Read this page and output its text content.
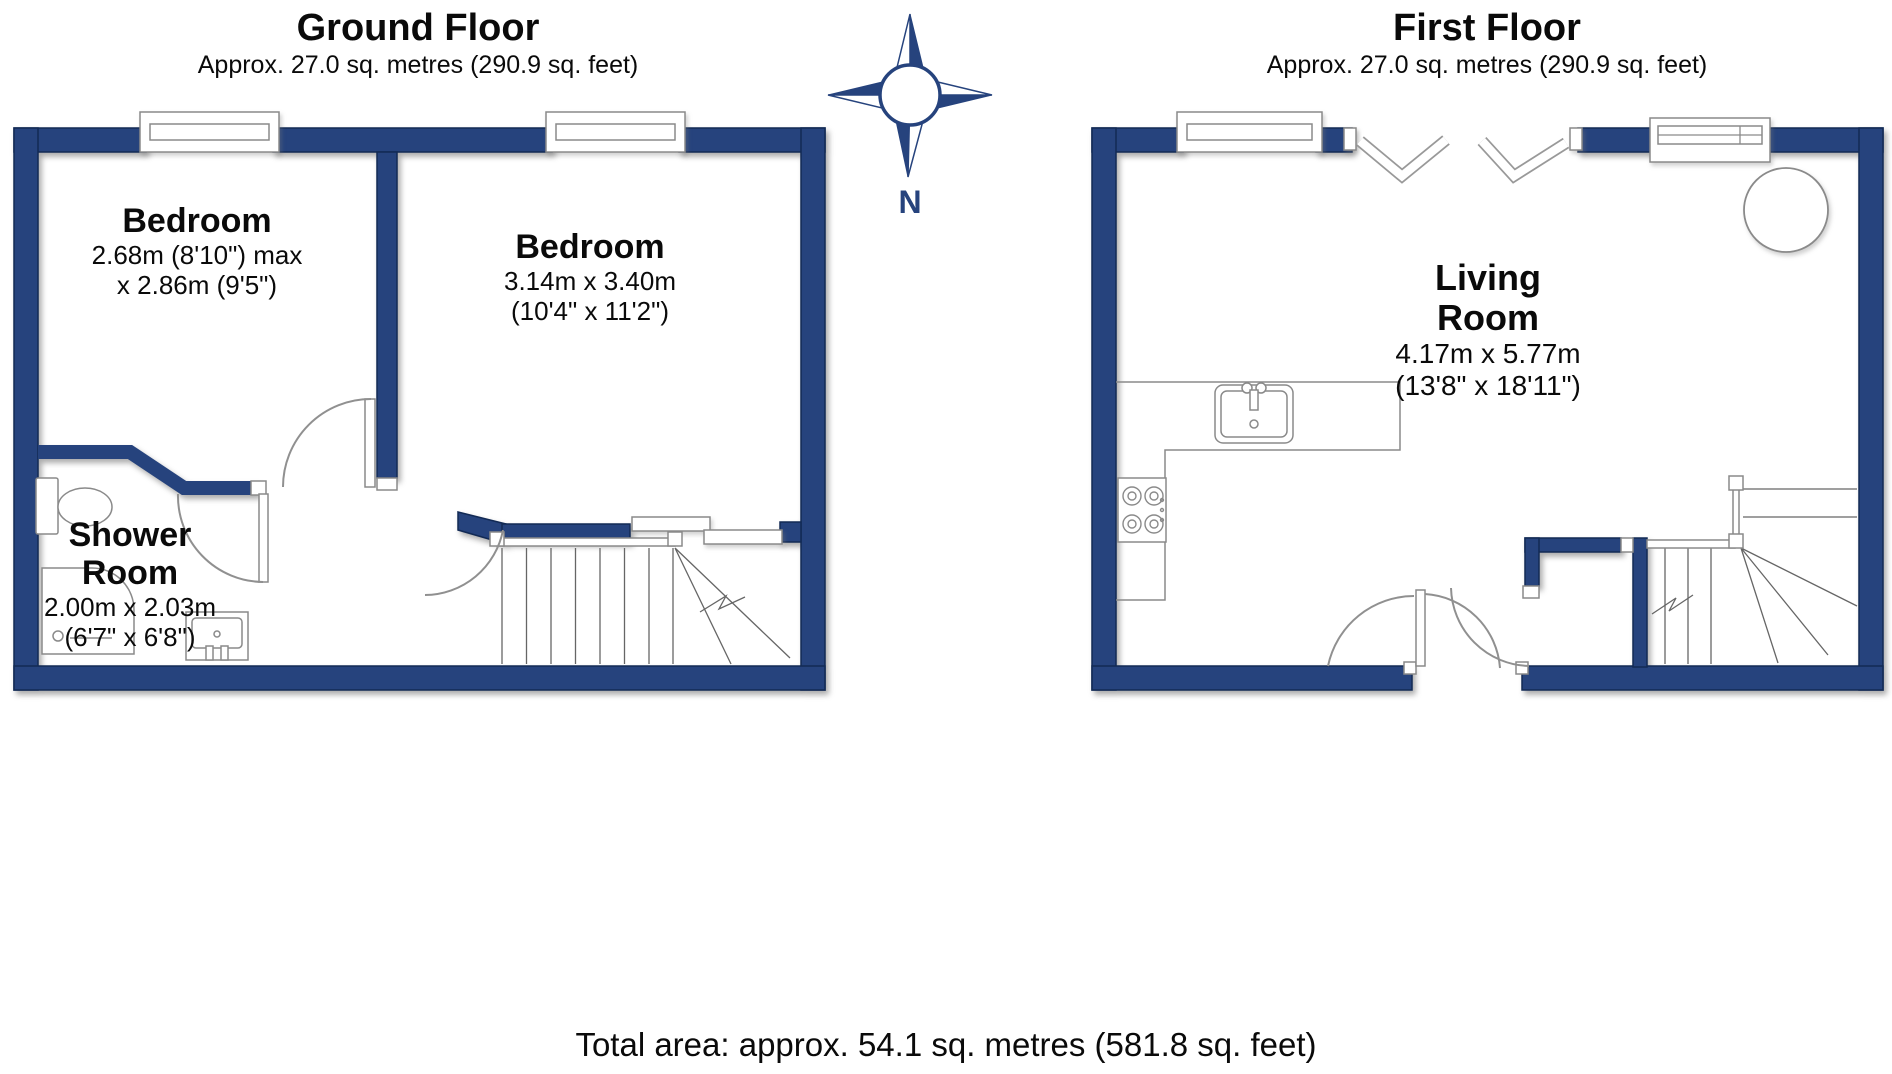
N
Ground Floor
Approx. 27.0 sq. metres (290.9 sq. feet)
First Floor
Approx. 27.0 sq. metres (290.9 sq. feet)
Bedroom
2.68m (8'10") max
x 2.86m (9'5")
Bedroom
3.14m x 3.40m
(10'4" x 11'2")
Shower
Room
2.00m x 2.03m
(6'7" x 6'8")
Living
Room
4.17m x 5.77m
(13'8" x 18'11")
Total area: approx. 54.1 sq. metres (581.8 sq. feet)
